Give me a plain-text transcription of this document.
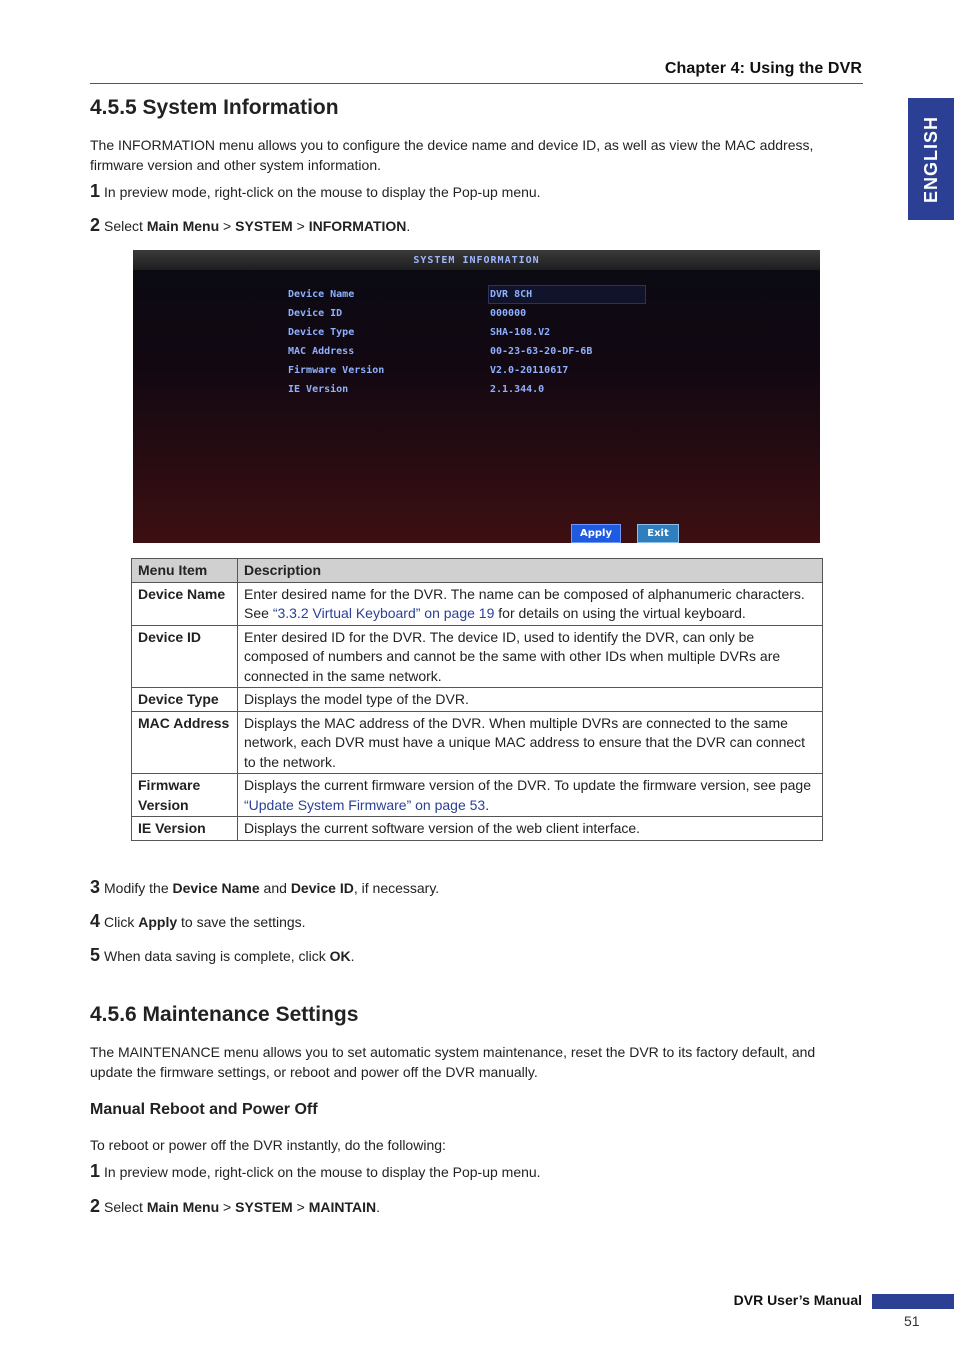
Chapter 4: Using the DVR
ENGLISH
4.5.5 System Information

The INFORMATION menu allows you to configure the device name and device ID, as well as view the MAC address, firmware version and other system information.

1 In preview mode, right-click on the mouse to display the Pop-up menu.
2 Select Main Menu > SYSTEM > INFORMATION.
SYSTEM INFORMATION
Device Name	DVR 8CH
Device ID	000000
Device Type	SHA-108.V2
MAC Address	00-23-63-20-DF-6B
Firmware Version	V2.0-20110617
IE Version	2.1.344.0
Apply	Exit
Menu Item	Description
Device Name	Enter desired name for the DVR. The name can be composed of alphanumeric characters. See “3.3.2 Virtual Keyboard” on page 19 for details on using the virtual keyboard.
Device ID	Enter desired ID for the DVR. The device ID, used to identify the DVR, can only be composed of numbers and cannot be the same with other IDs when multiple DVRs are connected in the same network.
Device Type	Displays the model type of the DVR.
MAC Address	Displays the MAC address of the DVR. When multiple DVRs are connected to the same network, each DVR must have a unique MAC address to ensure that the DVR can connect to the network.
Firmware
Version	Displays the current firmware version of the DVR. To update the firmware version, see page “Update System Firmware” on page 53.
IE Version	Displays the current software version of the web client interface.
3 Modify the Device Name and Device ID, if necessary.
4 Click Apply to save the settings.
5 When data saving is complete, click OK.
4.5.6 Maintenance Settings

The MAINTENANCE menu allows you to set automatic system maintenance, reset the DVR to its factory default, and update the firmware settings, or reboot and power off the DVR manually.

Manual Reboot and Power Off

To reboot or power off the DVR instantly, do the following:

1 In preview mode, right-click on the mouse to display the Pop-up menu.
2 Select Main Menu > SYSTEM > MAINTAIN.
DVR User’s Manual
51
